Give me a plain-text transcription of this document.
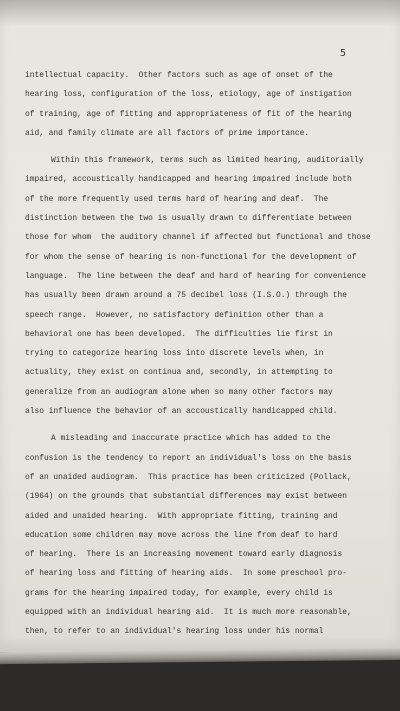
5
intellectual capacity.  Other factors such as age of onset of the
hearing loss, configuration of the loss, etiology, age of instigation
of training, age of fitting and appropriateness of fit of the hearing
aid, and family climate are all factors of prime importance.
Within this framework, terms such as limited hearing, auditorially
impaired, accoustically handicapped and hearing impaired include both
of the more frequently used terms hard of hearing and deaf.  The
distinction between the two is usually drawn to differentiate between
those for whom  the auditory channel if affected but functional and those
for whom the sense of hearing is non-functional for the development of
language.  The line between the deaf and hard of hearing for convenience
has usually been drawn around a 75 decibel loss (I.S.O.) through the
speech range.  However, no satisfactory definition other than a
behavioral one has been developed.  The difficulties lie first in
trying to categorize hearing loss into discrete levels when, in
actuality, they exist on continua and, secondly, in attempting to
generalize from an audiogram alone when so many other factors may
also influence the behavior of an accoustically handicapped child.
A misleading and inaccurate practice which has added to the
confusion is the tendency to report an individual's loss on the basis
of an unaided audiogram.  This practice has been criticized (Pollack,
(1964) on the grounds that substantial differences may exist between
aided and unaided hearing.  With appropriate fitting, training and
education some children may move across the line from deaf to hard
of hearing.  There is an increasing movement toward early diagnosis
of hearing loss and fitting of hearing aids.  In some preschool pro-
grams for the hearing impaired today, for example, every child is
equipped with an individual hearing aid.  It is much more reasonable,
then, to refer to an individual's hearing loss under his normal
